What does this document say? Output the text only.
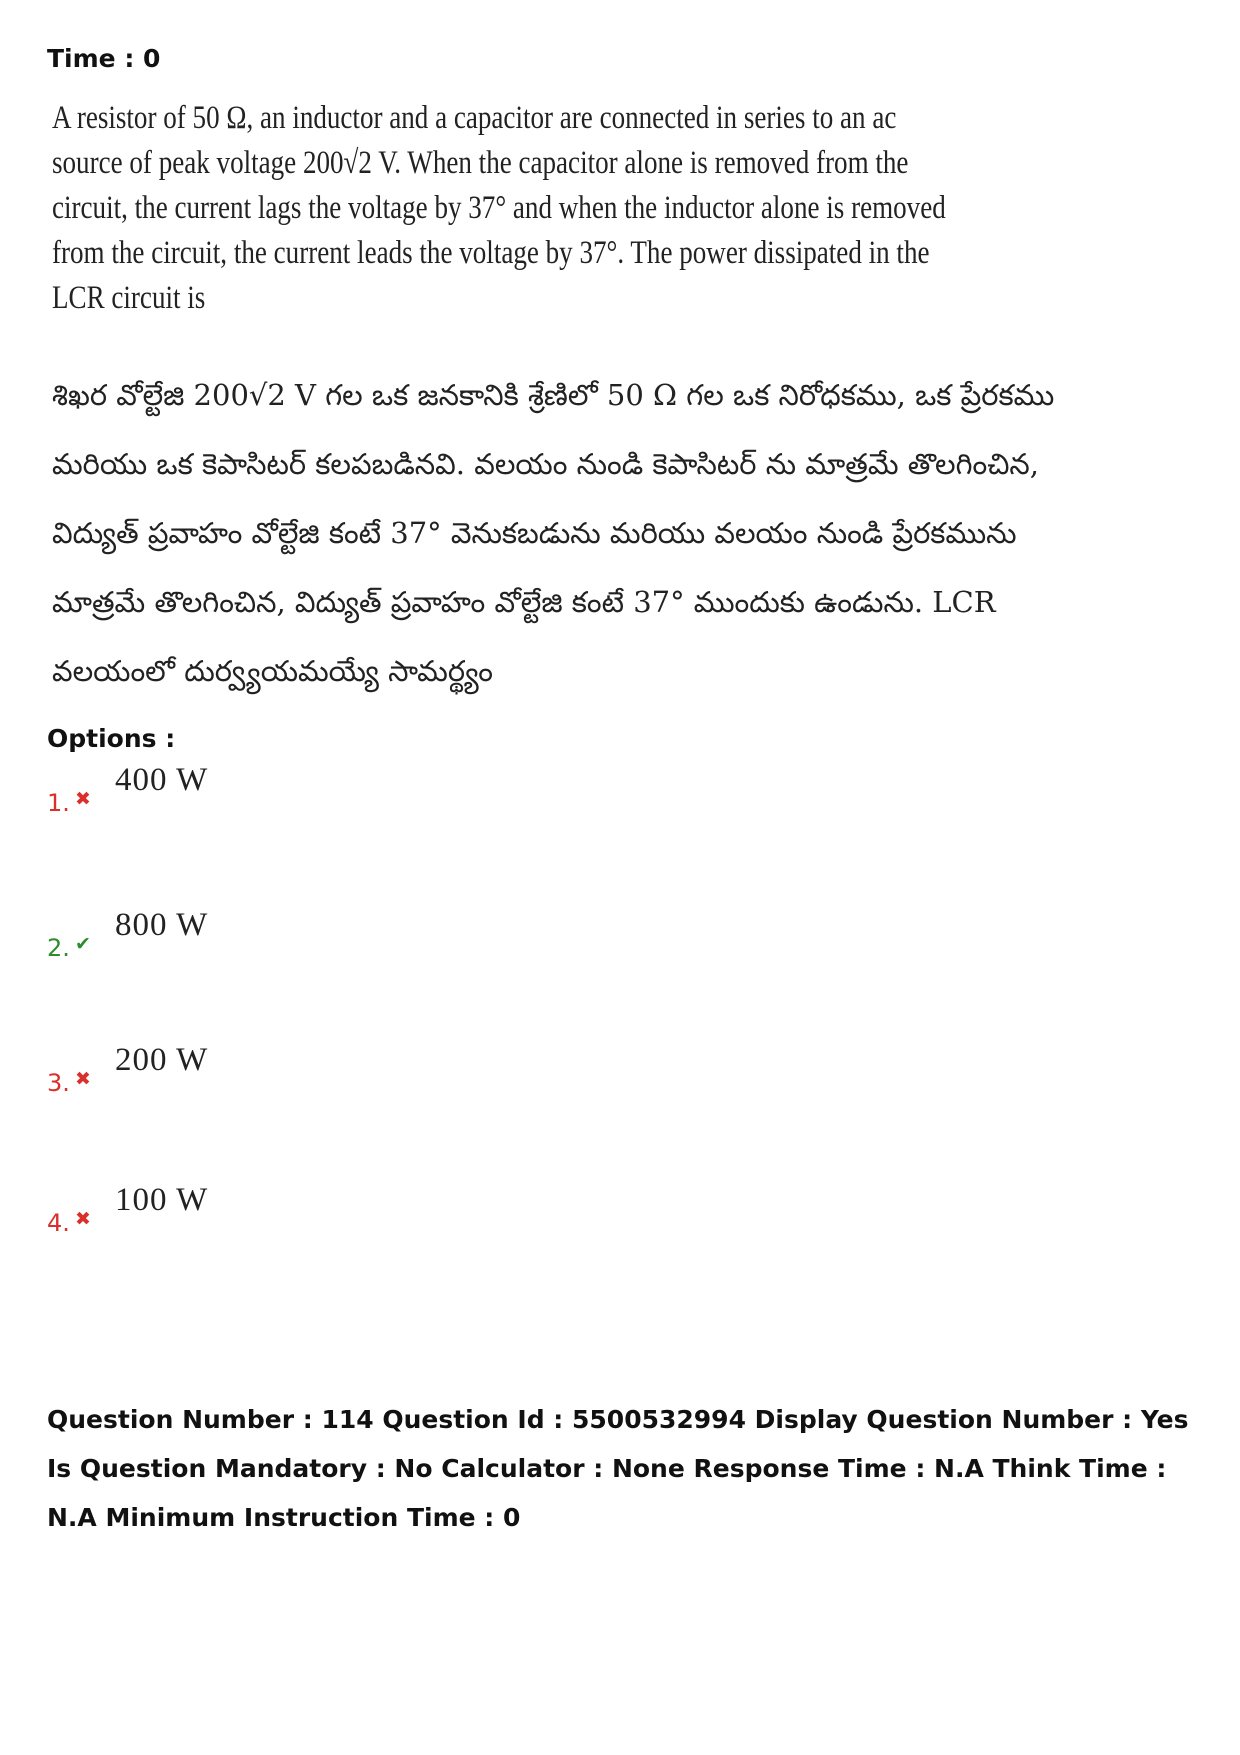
Time : 0

A resistor of 50 Ω, an inductor and a capacitor are connected in series to an ac

source of peak voltage 200√2 V. When the capacitor alone is removed from the

circuit, the current lags the voltage by 37° and when the inductor alone is removed

from the circuit, the current leads the voltage by 37°. The power dissipated in the

LCR circuit is

శిఖర వోల్టేజి 200√2 V గల ఒక జనకానికి శ్రేణిలో 50 Ω గల ఒక నిరోధకము, ఒక ప్రేరకము

మరియు ఒక కెపాసిటర్ కలపబడినవి. వలయం నుండి కెపాసిటర్ ను మాత్రమే తొలగించిన,

విద్యుత్ ప్రవాహం వోల్టేజి కంటే 37° వెనుకబడును మరియు వలయం నుండి ప్రేరకమును

మాత్రమే తొలగించిన, విద్యుత్ ప్రవాహం వోల్టేజి కంటే 37° ముందుకు ఉండును. LCR

వలయంలో దుర్వ్యయమయ్యే సామర్థ్యం

Options :

1. ✖
400 W
2. ✔
800 W
3. ✖
200 W
4. ✖
100 W

Question Number : 114 Question Id : 5500532994 Display Question Number : Yes Is Question Mandatory : No Calculator : None Response Time : N.A Think Time : N.A Minimum Instruction Time : 0
